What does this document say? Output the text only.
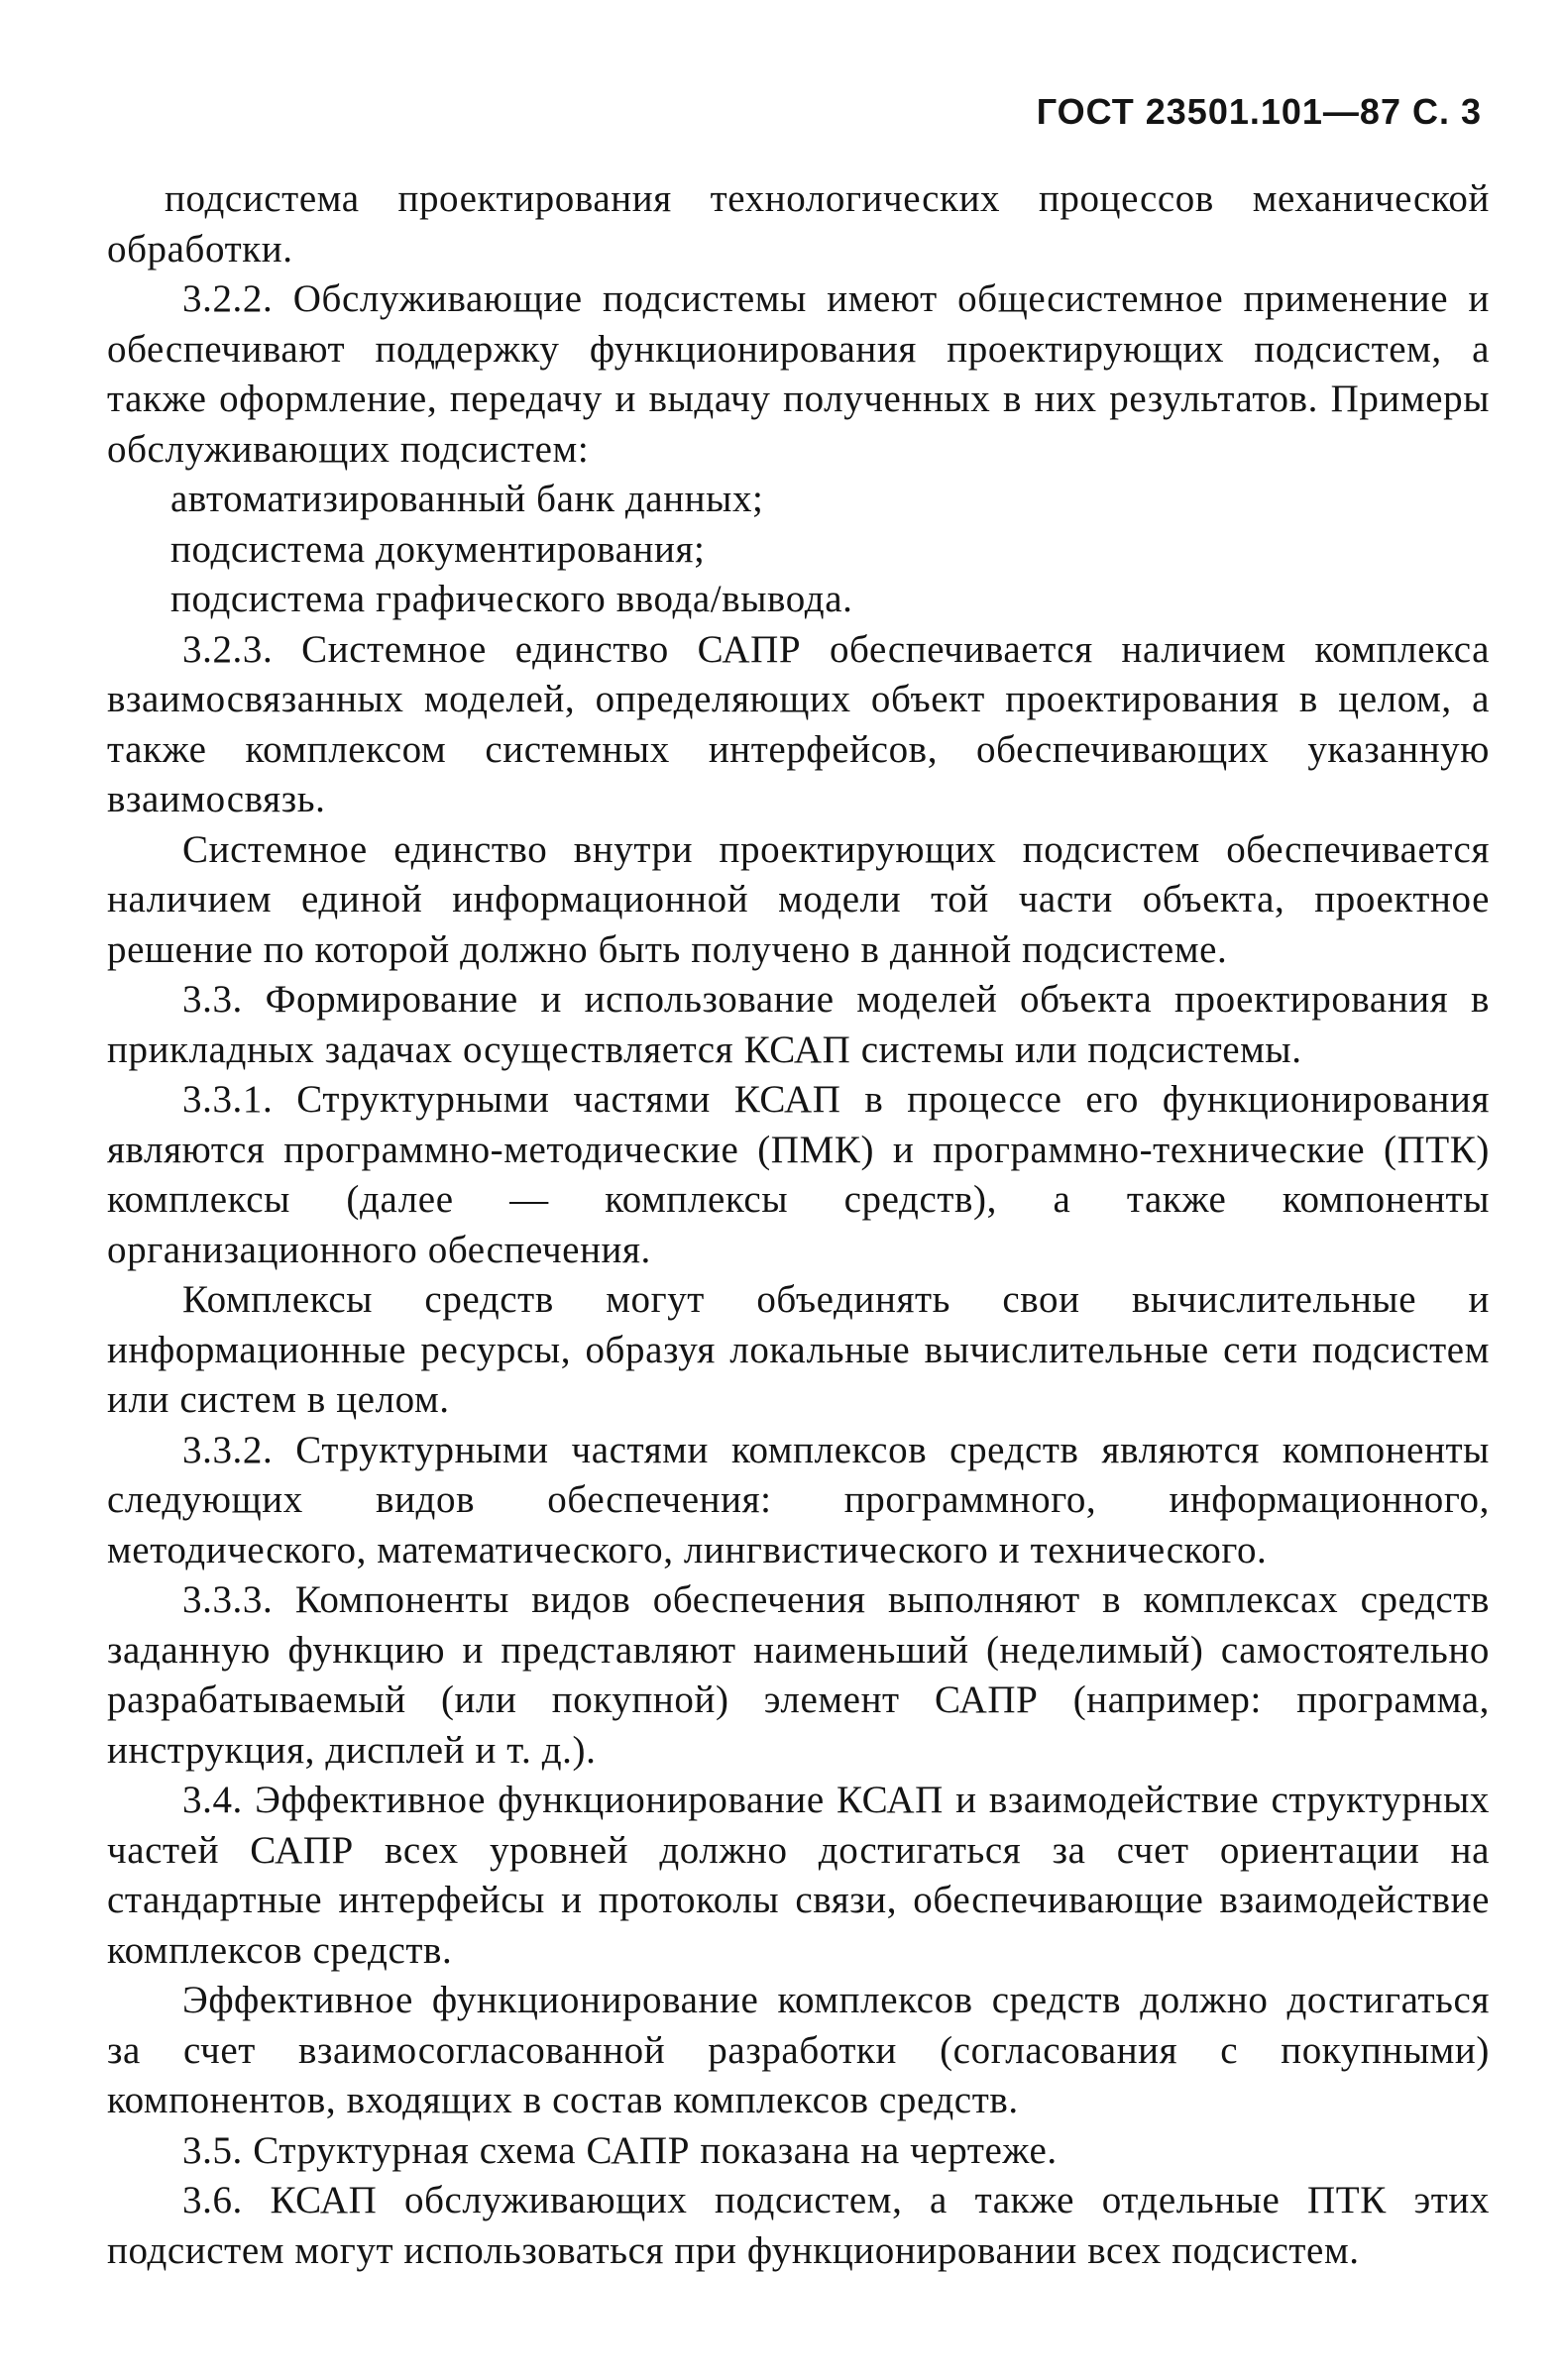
ГОСТ 23501.101—87 С. 3

подсистема проектирования технологических процессов механической обработки.

3.2.2. Обслуживающие подсистемы имеют общесистемное применение и обеспечивают поддержку функционирования проектирующих подсистем, а также оформление, передачу и выдачу полученных в них результатов. Примеры обслуживающих подсистем:

автоматизированный банк данных;

подсистема документирования;

подсистема графического ввода/вывода.

3.2.3. Системное единство САПР обеспечивается наличием комплекса взаимосвязанных моделей, определяющих объект проектирования в целом, а также комплексом системных интерфейсов, обеспечивающих указанную взаимосвязь.

Системное единство внутри проектирующих подсистем обеспечивается наличием единой информационной модели той части объекта, проектное решение по которой должно быть получено в данной подсистеме.

3.3. Формирование и использование моделей объекта проектирования в прикладных задачах осуществляется КСАП системы или подсистемы.

3.3.1. Структурными частями КСАП в процессе его функционирования являются программно-методические (ПМК) и программно-технические (ПТК) комплексы (далее — комплексы средств), а также компоненты организационного обеспечения.

Комплексы средств могут объединять свои вычислительные и информационные ресурсы, образуя локальные вычислительные сети подсистем или систем в целом.

3.3.2. Структурными частями комплексов средств являются компоненты следующих видов обеспечения: программного, информационного, методического, математического, лингвистического и технического.

3.3.3. Компоненты видов обеспечения выполняют в комплексах средств заданную функцию и представляют наименьший (неделимый) самостоятельно разрабатываемый (или покупной) элемент САПР (например: программа, инструкция, дисплей и т. д.).

3.4. Эффективное функционирование КСАП и взаимодействие структурных частей САПР всех уровней должно достигаться за счет ориентации на стандартные интерфейсы и протоколы связи, обеспечивающие взаимодействие комплексов средств.

Эффективное функционирование комплексов средств должно достигаться за счет взаимосогласованной разработки (согласования с покупными) компонентов, входящих в состав комплексов средств.

3.5. Структурная схема САПР показана на чертеже.

3.6. КСАП обслуживающих подсистем, а также отдельные ПТК этих подсистем могут использоваться при функционировании всех подсистем.
